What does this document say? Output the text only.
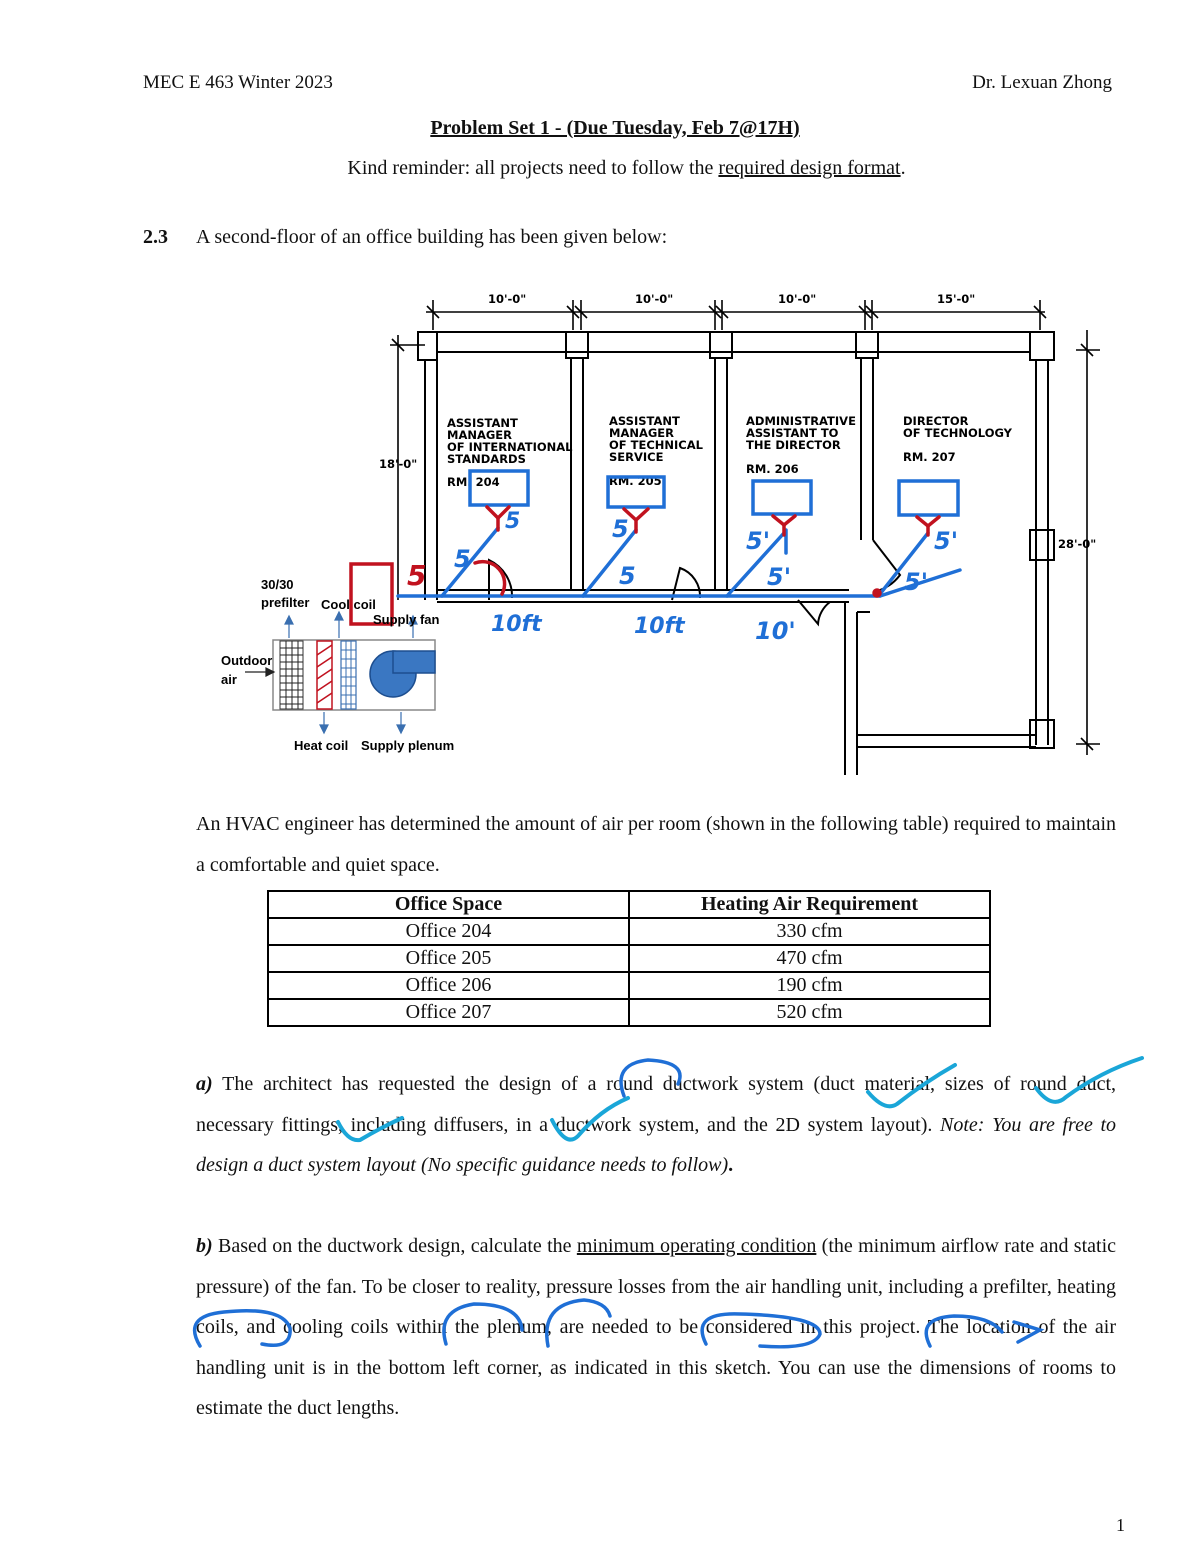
MEC E 463 Winter 2023	Dr. Lexuan Zhong
Problem Set 1 - (Due Tuesday, Feb 7@17H)
Kind reminder: all projects need to follow the required design format.
2.3 A second-floor of an office building has been given below:
10'-0"	10'-0"	10'-0"	15'-0"
18'-0"
28'-0"
ASSISTANT
MANAGER
OF INTERNATIONAL
STANDARDS
RM. 204
ASSISTANT
MANAGER
OF TECHNICAL
SERVICE
RM. 205
ADMINISTRATIVE
ASSISTANT TO
THE DIRECTOR
RM. 206
DIRECTOR
OF TECHNOLOGY
RM. 207
5 5
5	5
5
5'
5'
5'
5'
10ft	10ft	10'
30/30
prefilter Cool coil
Supply fan
Outdoor
air
Heat coil Supply plenum

An HVAC engineer has determined the amount of air per room (shown in the following table) required to maintain a comfortable and quiet space.

Office Space	Heating Air Requirement
Office 204	330 cfm
Office 205	470 cfm
Office 206	190 cfm
Office 207	520 cfm

a) The architect has requested the design of a round ductwork system (duct material, sizes of round duct, necessary fittings, including diffusers, in a ductwork system, and the 2D system layout). Note: You are free to design a duct system layout (No specific guidance needs to follow).

b) Based on the ductwork design, calculate the minimum operating condition (the minimum airflow rate and static pressure) of the fan. To be closer to reality, pressure losses from the air handling unit, including a prefilter, heating coils, and cooling coils within the plenum, are needed to be considered in this project. The location of the air handling unit is in the bottom left corner, as indicated in this sketch. You can use the dimensions of rooms to estimate the duct lengths.

1
